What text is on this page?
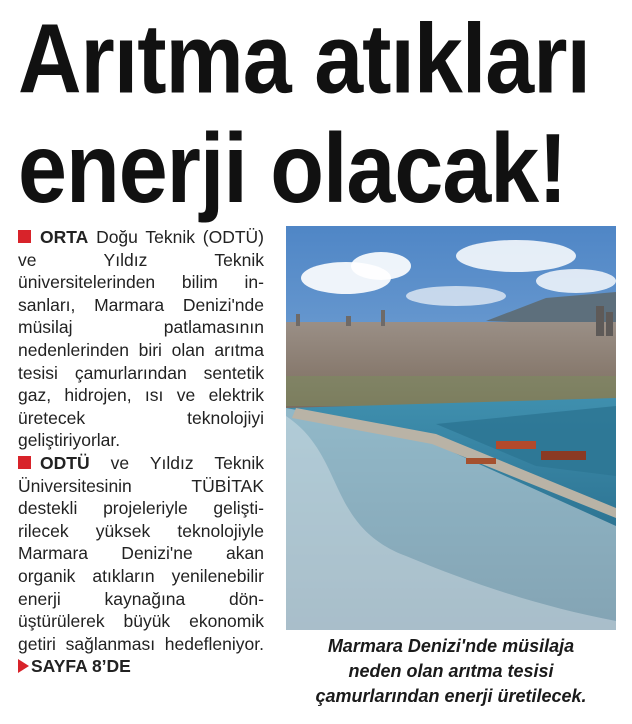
Arıtma atıkları
enerji olacak!

ORTA Doğu Teknik (ODTÜ) ve Yıldız Teknik üniversitelerinden bilim insanları, Marmara Denizi'nde müsilaj patlamasının nedenlerinden biri olan arıtma tesisi çamurlarından sentetik gaz, hidrojen, ısı ve elektrik üretecek teknolojiyi geliştiriyorlar.

ODTÜ ve Yıldız Teknik Üniversitesinin TÜBİTAK destekli projeleriyle geliştirilecek yüksek teknolojiyle Marmara Denizi'ne akan organik atıkların yenilenebilir enerji kaynağına dönüştürülerek büyük ekonomik getiri sağlanması hedefleniyor. SAYFA 8’DE

Marmara Denizi'nde müsilaja
neden olan arıtma tesisi
çamurlarından enerji üretilecek.
